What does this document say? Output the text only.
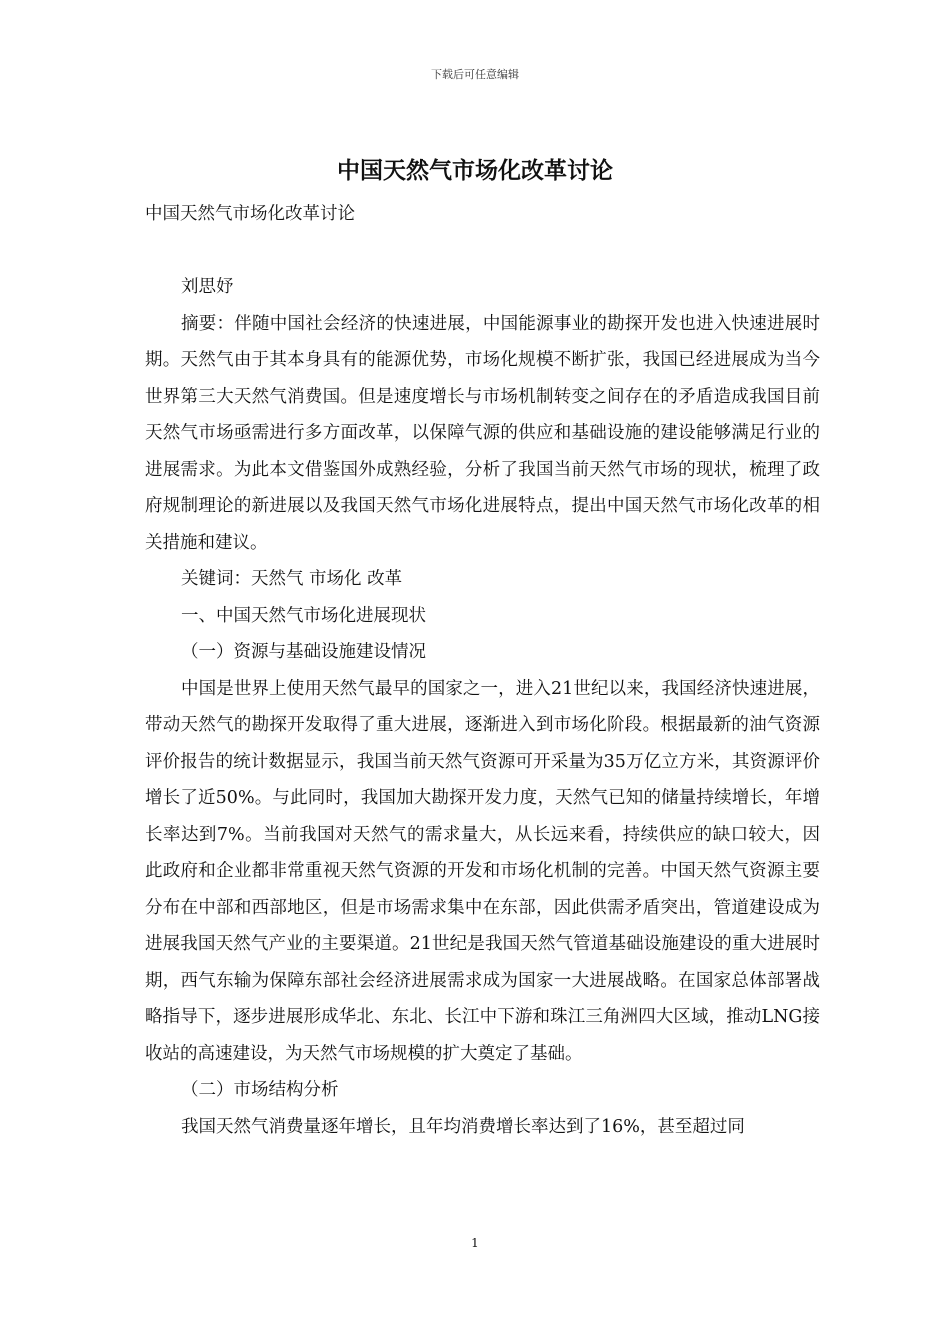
下载后可任意编辑
中国天然气市场化改革讨论

中国天然气市场化改革讨论

刘思妤

摘要：伴随中国社会经济的快速进展，中国能源事业的勘探开发也进入快速进展时期。天然气由于其本身具有的能源优势，市场化规模不断扩张，我国已经进展成为当今世界第三大天然气消费国。但是速度增长与市场机制转变之间存在的矛盾造成我国目前天然气市场亟需进行多方面改革，以保障气源的供应和基础设施的建设能够满足行业的进展需求。为此本文借鉴国外成熟经验，分析了我国当前天然气市场的现状，梳理了政府规制理论的新进展以及我国天然气市场化进展特点，提出中国天然气市场化改革的相关措施和建议。

关键词：天然气 市场化 改革

一、中国天然气市场化进展现状

（一）资源与基础设施建设情况

中国是世界上使用天然气最早的国家之一，进入21世纪以来，我国经济快速进展，带动天然气的勘探开发取得了重大进展，逐渐进入到市场化阶段。根据最新的油气资源评价报告的统计数据显示，我国当前天然气资源可开采量为35万亿立方米，其资源评价增长了近50%。与此同时，我国加大勘探开发力度，天然气已知的储量持续增长，年增长率达到7%。当前我国对天然气的需求量大，从长远来看，持续供应的缺口较大，因此政府和企业都非常重视天然气资源的开发和市场化机制的完善。中国天然气资源主要分布在中部和西部地区，但是市场需求集中在东部，因此供需矛盾突出，管道建设成为进展我国天然气产业的主要渠道。21世纪是我国天然气管道基础设施建设的重大进展时期，西气东输为保障东部社会经济进展需求成为国家一大进展战略。在国家总体部署战略指导下，逐步进展形成华北、东北、长江中下游和珠江三角洲四大区域，推动LNG接收站的高速建设，为天然气市场规模的扩大奠定了基础。

（二）市场结构分析

我国天然气消费量逐年增长，且年均消费增长率达到了16%，甚至超过同

1
